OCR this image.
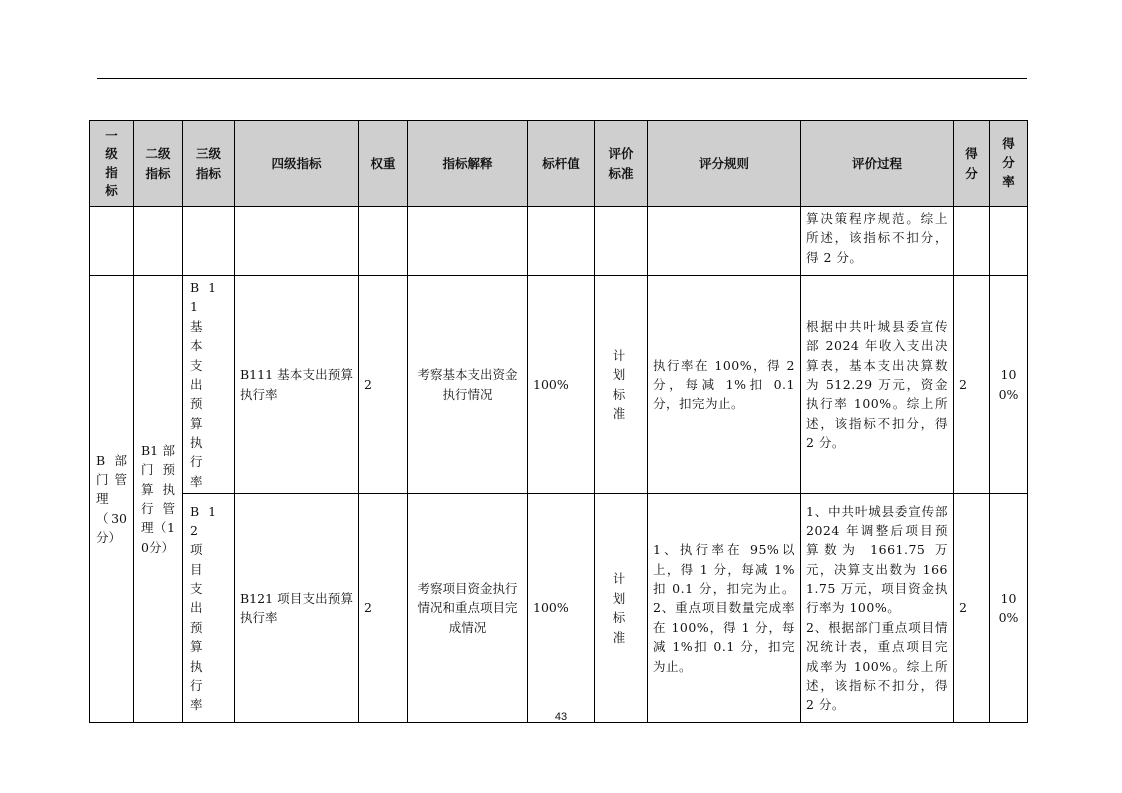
一级指标	二级指标	三级指标	四级指标	权重	指标解释	标杆值	评价标准	评分规则	评价过程	得分	得分率
									算决策程序规范。综上所述，该指标不扣分，得 2 分。		
B 部门管理（30分）	B1 部门预算执行管理（10分）	B11 基本支出预算执行率	B111 基本支出预算执行率	2	考察基本支出资金执行情况	100%	计划标准	执行率在 100%，得 2 分，每减 1%扣 0.1 分，扣完为止。	根据中共叶城县委宣传部 2024 年收入支出决算表，基本支出决算数为 512.29 万元，资金执行率 100%。综上所述，该指标不扣分，得 2 分。	2	100%
		B12 项目支出预算执行率	B121 项目支出预算执行率	2	考察项目资金执行情况和重点项目完成情况	100%	计划标准	1、执行率在 95%以上，得 1 分，每减 1%扣 0.1 分，扣完为止。2、重点项目数量完成率在 100%，得 1 分，每减 1%扣 0.1 分，扣完为止。	1、中共叶城县委宣传部 2024 年调整后项目预算数为 1661.75 万元，决算支出数为 1661.75 万元，项目资金执行率为 100%。
2、根据部门重点项目情况统计表，重点项目完成率为 100%。综上所述，该指标不扣分，得 2 分。	2	100%
43
